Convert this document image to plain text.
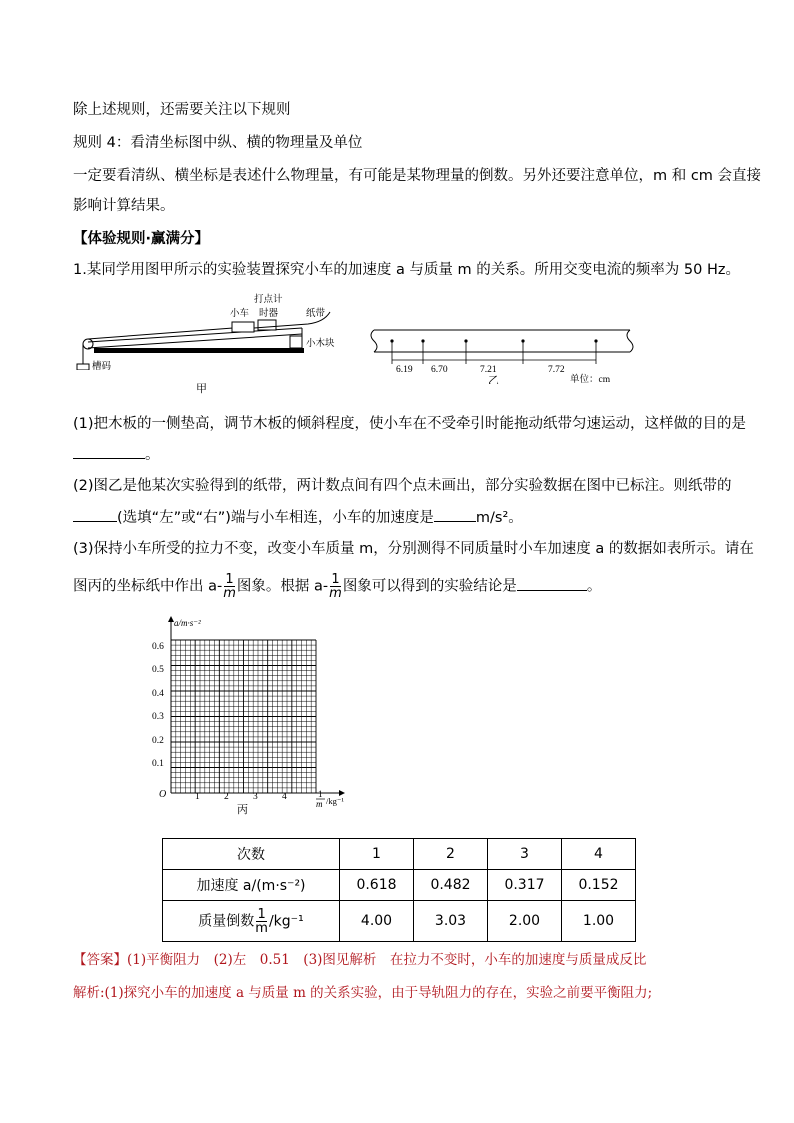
除上述规则，还需要关注以下规则
规则 4：看清坐标图中纵、横的物理量及单位
一定要看清纵、横坐标是表述什么物理量，有可能是某物理量的倒数。另外还要注意单位，m 和 cm 会直接
影响计算结果。
【体验规则·赢满分】
1.某同学用图甲所示的实验装置探究小车的加速度 a 与质量 m 的关系。所用交变电流的频率为 50 Hz。
打点计
时器
小车	纸带
小木块
槽码
甲
6.19 6.70	7.21	7.72
乙	单位：cm
(1)把木板的一侧垫高，调节木板的倾斜程度，使小车在不受牵引时能拖动纸带匀速运动，这样做的目的是
。
(2)图乙是他某次实验得到的纸带，两计数点间有四个点未画出，部分实验数据在图中已标注。则纸带的
(选填“左”或“右”)端与小车相连，小车的加速度是	m/s²。
(3)保持小车所受的拉力不变，改变小车质量 m，分别测得不同质量时小车加速度 a 的数据如表所示。请在
图丙的坐标纸中作出 $a- \frac{1}{m}$ 图象。根据 $a- \frac{1}{m}$ 图象可以得到的实验结论是	。
a/m·s⁻²
0.1
0.2
0.3
0.4
0.5
0.6
O	1	2	3	4	1
m /kg⁻¹
丙
次数	1	2	3	4
加速度 a/(m·s⁻²)	0.618	0.482	0.317	0.152
质量倒数 $\frac{1}{m} /kg^{-1}$	4.00	3.03	2.00	1.00
【答案】(1)平衡阻力　(2)左　0.51　(3)图见解析　在拉力不变时，小车的加速度与质量成反比
解析:(1)探究小车的加速度 a 与质量 m 的关系实验，由于导轨阻力的存在，实验之前要平衡阻力;
